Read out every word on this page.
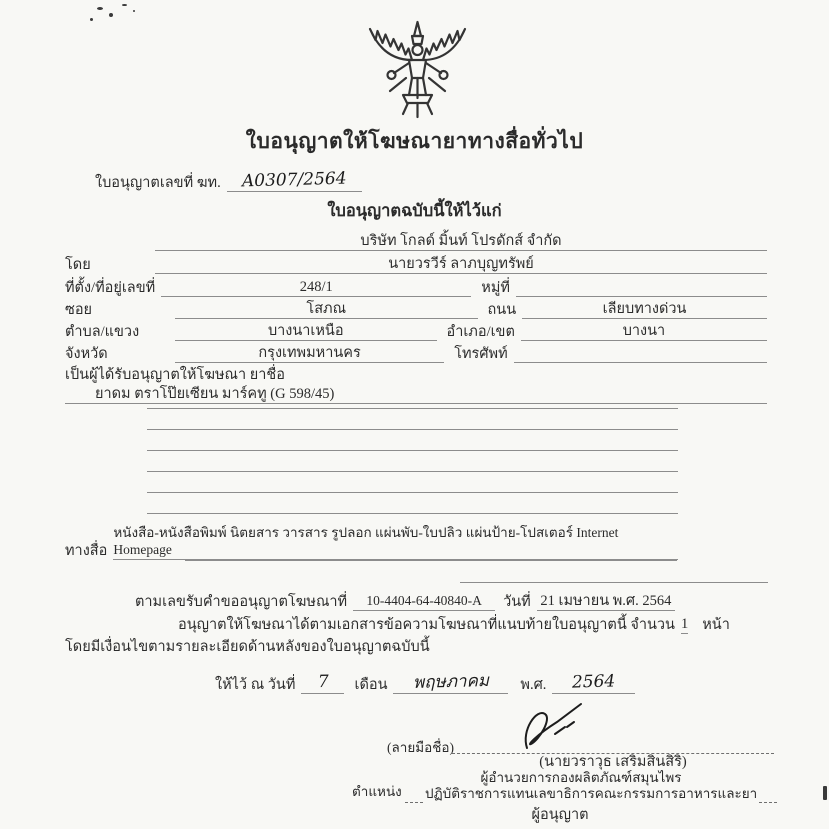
ใบอนุญาตให้โฆษณายาทางสื่อทั่วไป
ใบอนุญาตเลขที่ ฆท.	A0307/2564
ใบอนุญาตฉบับนี้ให้ไว้แก่
บริษัท โกลด์ มิ้นท์ โปรดักส์ จำกัด
โดย	นายวรวีร์ ลาภบุญทรัพย์
ที่ตั้ง/ที่อยู่เลขที่	248/1	หมู่ที่
ซอย	โสภณ	ถนน	เลียบทางด่วน
ตำบล/แขวง	บางนาเหนือ	อำเภอ/เขต	บางนา
จังหวัด	กรุงเทพมหานคร	โทรศัพท์
เป็นผู้ได้รับอนุญาตให้โฆษณา ยาชื่อ
ยาดม ตราโป๊ยเซียน มาร์คทู (G 598/45)
ทางสื่อ
หนังสือ-หนังสือพิมพ์ นิตยสาร วารสาร รูปลอก แผ่นพับ-ใบปลิว แผ่นป้าย-โปสเตอร์ Internet Homepage
ตามเลขรับคำขออนุญาตโฆษณาที่	10-4404-64-40840-A	วันที่ 21 เมษายน พ.ศ. 2564
อนุญาตให้โฆษณาได้ตามเอกสารข้อความโฆษณาที่แนบท้ายใบอนุญาตนี้ จำนวน 1 หน้า
โดยมีเงื่อนไขตามรายละเอียดด้านหลังของใบอนุญาตฉบับนี้
ให้ไว้ ณ วันที่	7	เดือน	พฤษภาคม	พ.ศ.	2564
(ลายมือชื่อ)
(นายวราวุธ เสริมสินสิริ)
ผู้อำนวยการกองผลิตภัณฑ์สมุนไพร
ตำแหน่ง ปฏิบัติราชการแทนเลขาธิการคณะกรรมการอาหารและยา
ผู้อนุญาต
